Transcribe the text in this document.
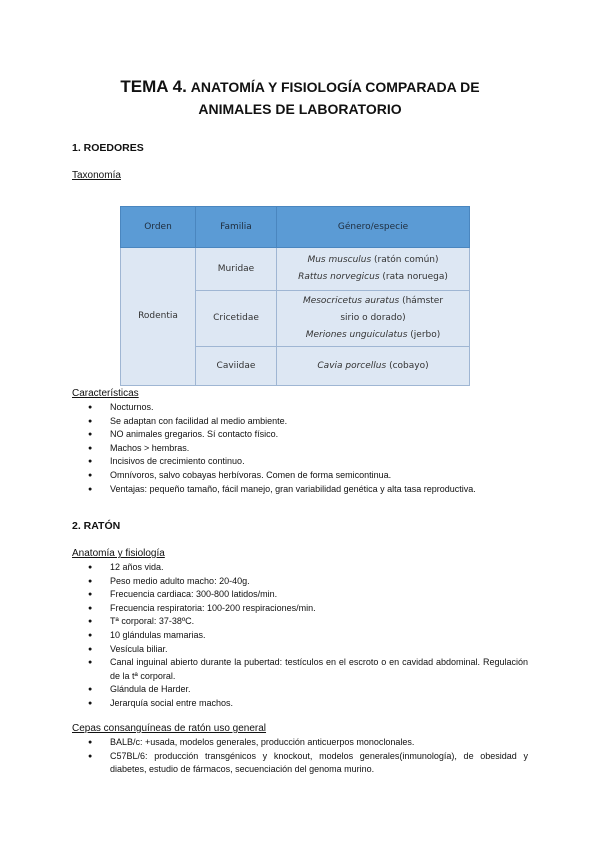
TEMA 4. ANATOMÍA Y FISIOLOGÍA COMPARADA DE
ANIMALES DE LABORATORIO
1. ROEDORES
Taxonomía
Orden	Familia	Género/especie
Rodentia	Muridae	Mus musculus (ratón común)
Rattus norvegicus (rata noruega)

	Cricetidae	Mesocricetus auratus (hámster
sirio o dorado)
Meriones unguiculatus (jerbo)

	Caviidae	Cavia porcellus (cobayo)
Características
● Nocturnos.
● Se adaptan con facilidad al medio ambiente.
● NO animales gregarios. Sí contacto físico.
● Machos > hembras.
● Incisivos de crecimiento continuo.
● Omnívoros, salvo cobayas herbívoras. Comen de forma semicontinua.
● Ventajas: pequeño tamaño, fácil manejo, gran variabilidad genética y alta tasa reproductiva.
2. RATÓN
Anatomía y fisiología
● 12 años vida.
● Peso medio adulto macho: 20-40g.
● Frecuencia cardiaca: 300-800 latidos/min.
● Frecuencia respiratoria: 100-200 respiraciones/min.
● Tª corporal: 37-38ºC.
● 10 glándulas mamarias.
● Vesícula biliar.
● Canal inguinal abierto durante la pubertad: testículos en el escroto o en cavidad abdominal. Regulación de la tª corporal.
● Glándula de Harder.
● Jerarquía social entre machos.
Cepas consanguíneas de ratón uso general
● BALB/c: +usada, modelos generales, producción anticuerpos monoclonales.
● C57BL/6: producción transgénicos y knockout, modelos generales(inmunología), de obesidad y diabetes, estudio de fármacos, secuenciación del genoma murino.
